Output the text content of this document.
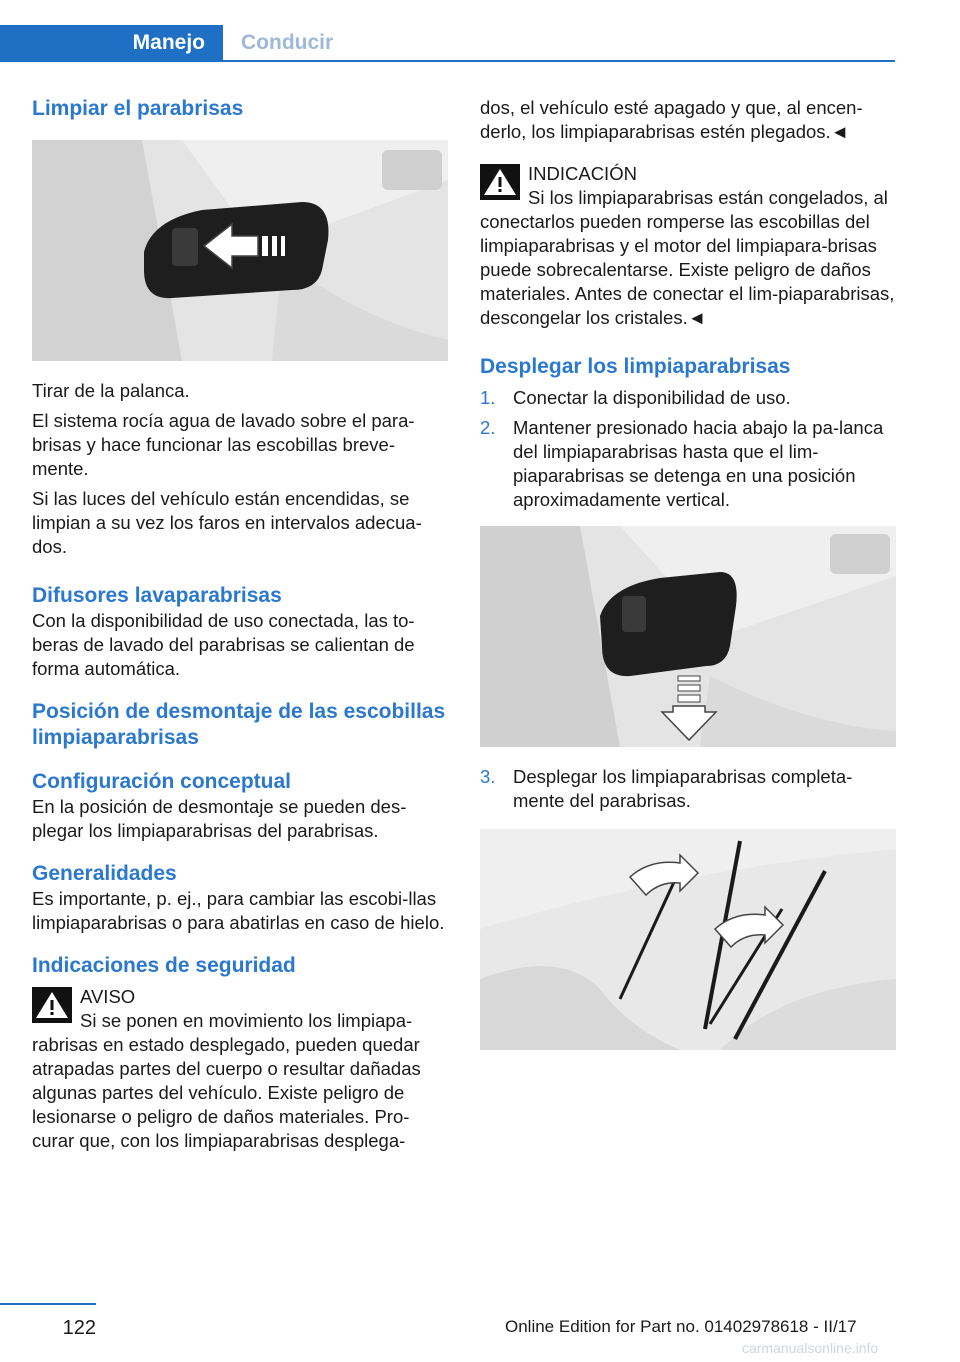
Manejo	Conducir
Limpiar el parabrisas

Tirar de la palanca.

El sistema rocía agua de lavado sobre el para-brisas y hace funcionar las escobillas breve-mente.

Si las luces del vehículo están encendidas, se limpian a su vez los faros en intervalos adecua-dos.

Difusores lavaparabrisas

Con la disponibilidad de uso conectada, las to-beras de lavado del parabrisas se calientan de forma automática.

Posición de desmontaje de las escobillas limpiaparabrisas
Configuración conceptual

En la posición de desmontaje se pueden des-plegar los limpiaparabrisas del parabrisas.

Generalidades

Es importante, p. ej., para cambiar las escobi-llas limpiaparabrisas o para abatirlas en caso de hielo.

Indicaciones de seguridad
AVISO

Si se ponen en movimiento los limpiapa-rabrisas en estado desplegado, pueden quedar atrapadas partes del cuerpo o resultar dañadas algunas partes del vehículo. Existe peligro de lesionarse o peligro de daños materiales. Pro-curar que, con los limpiaparabrisas desplega-

dos, el vehículo esté apagado y que, al encen-derlo, los limpiaparabrisas estén plegados.◄

INDICACIÓN

Si los limpiaparabrisas están congelados, al conectarlos pueden romperse las escobillas del limpiaparabrisas y el motor del limpiapara-brisas puede sobrecalentarse. Existe peligro de daños materiales. Antes de conectar el lim-piaparabrisas, descongelar los cristales.◄

Desplegar los limpiaparabrisas
1. Conectar la disponibilidad de uso.
2. Mantener presionado hacia abajo la pa-lanca del limpiaparabrisas hasta que el lim-piaparabrisas se detenga en una posición aproximadamente vertical.
3. Desplegar los limpiaparabrisas completa-mente del parabrisas.
122	Online Edition for Part no. 01402978618 - II/17
carmanualsonline.info
